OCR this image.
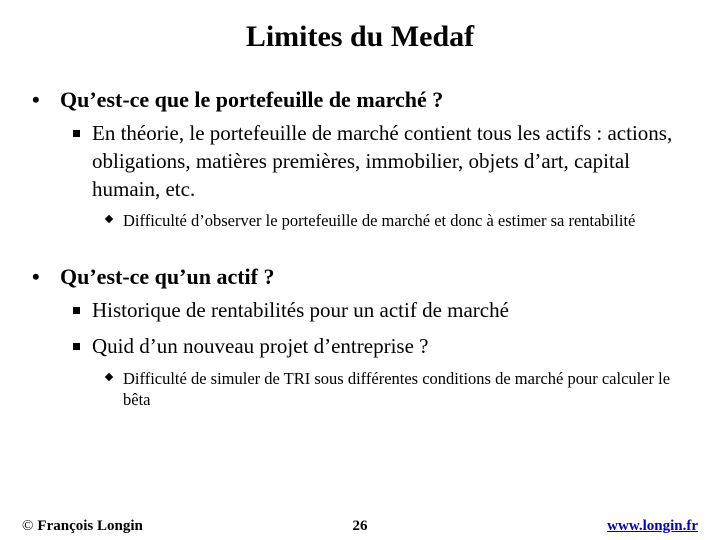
Limites du Medaf
• Qu’est-ce que le portefeuille de marché ?
En théorie, le portefeuille de marché contient tous les actifs : actions, obligations, matières premières, immobilier, objets d’art, capital humain, etc.
Difficulté d’observer le portefeuille de marché et donc à estimer sa rentabilité
• Qu’est-ce qu’un actif ?
Historique de rentabilités pour un actif de marché
Quid d’un nouveau projet d’entreprise ?
Difficulté de simuler de TRI sous différentes conditions de marché pour calculer le bêta
© François Longin	26	www.longin.fr
